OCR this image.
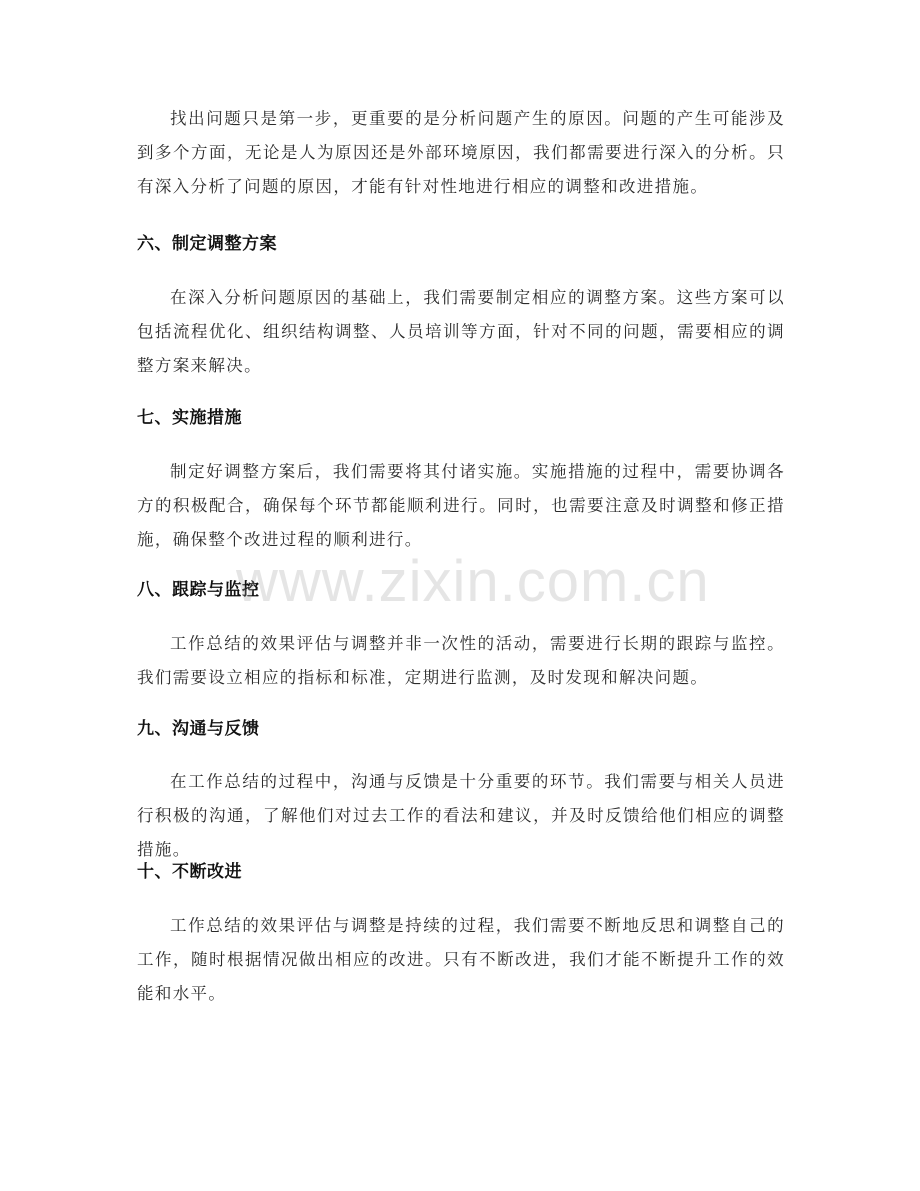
找出问题只是第一步，更重要的是分析问题产生的原因。问题的产生可能涉及到多个方面，无论是人为原因还是外部环境原因，我们都需要进行深入的分析。只有深入分析了问题的原因，才能有针对性地进行相应的调整和改进措施。

六、制定调整方案

在深入分析问题原因的基础上，我们需要制定相应的调整方案。这些方案可以包括流程优化、组织结构调整、人员培训等方面，针对不同的问题，需要相应的调整方案来解决。

七、实施措施

制定好调整方案后，我们需要将其付诸实施。实施措施的过程中，需要协调各方的积极配合，确保每个环节都能顺利进行。同时，也需要注意及时调整和修正措施，确保整个改进过程的顺利进行。

八、跟踪与监控

工作总结的效果评估与调整并非一次性的活动，需要进行长期的跟踪与监控。我们需要设立相应的指标和标准，定期进行监测，及时发现和解决问题。

九、沟通与反馈

在工作总结的过程中，沟通与反馈是十分重要的环节。我们需要与相关人员进行积极的沟通，了解他们对过去工作的看法和建议，并及时反馈给他们相应的调整措施。

十、不断改进

工作总结的效果评估与调整是持续的过程，我们需要不断地反思和调整自己的工作，随时根据情况做出相应的改进。只有不断改进，我们才能不断提升工作的效能和水平。

www.zixin.com.cn
